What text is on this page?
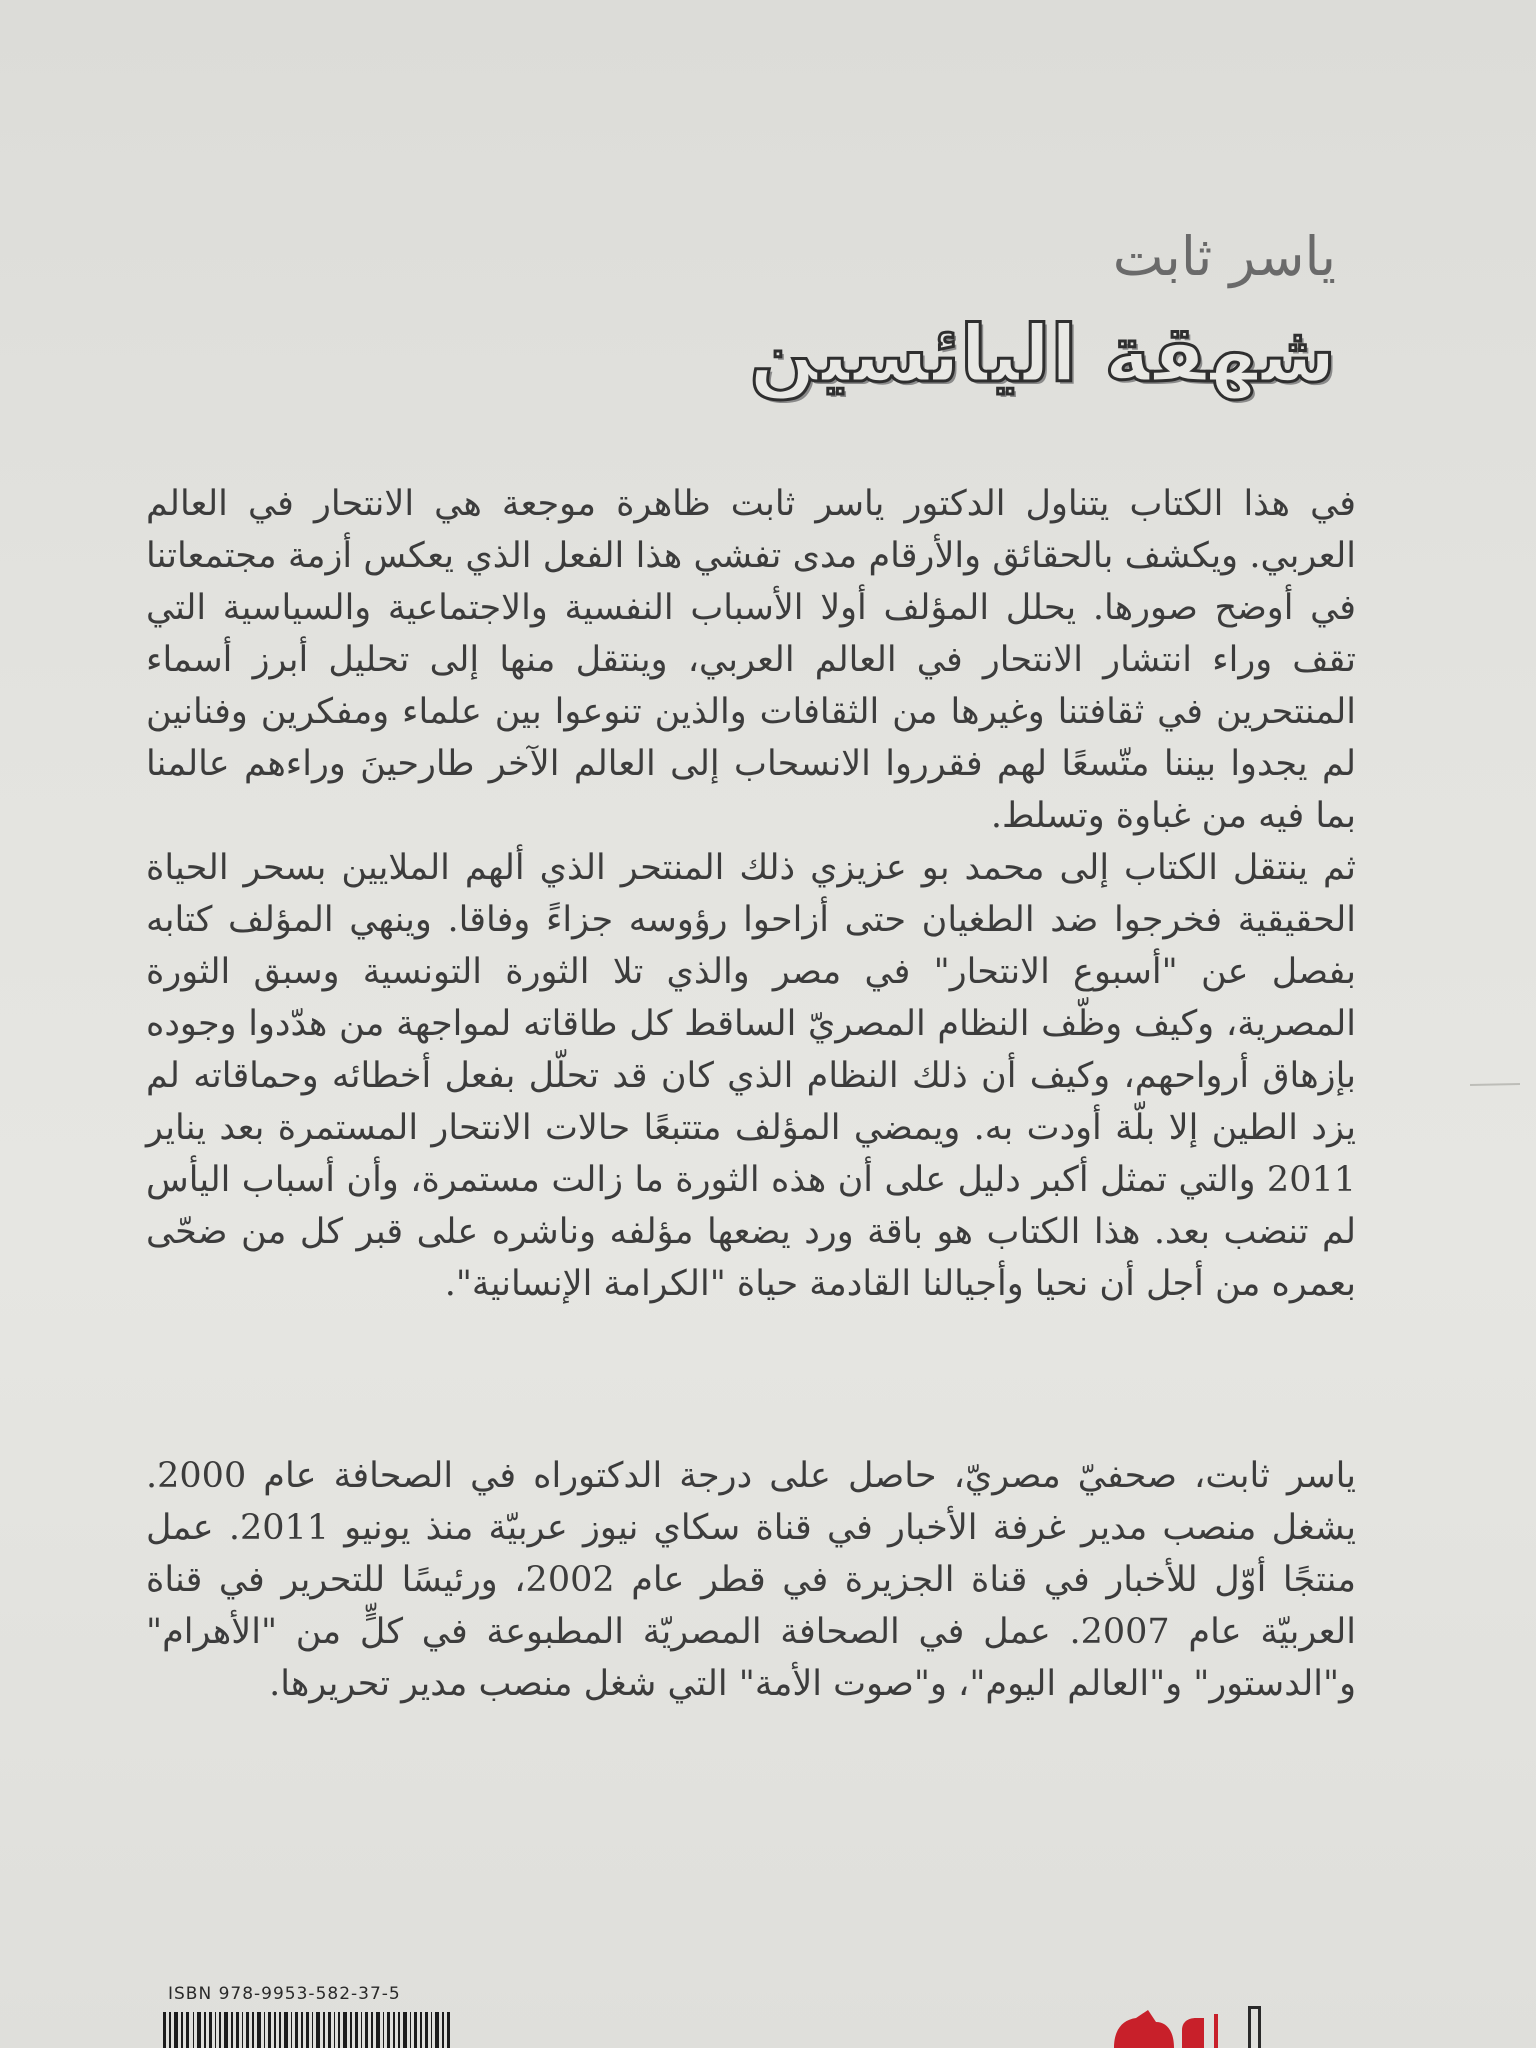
ياسر ثابت
شهقة اليائسين

في هذا الكتاب يتناول الدكتور ياسر ثابت ظاهرة موجعة هي الانتحار في العالم العربي. ويكشف بالحقائق والأرقام مدى تفشي هذا الفعل الذي يعكس أزمة مجتمعاتنا في أوضح صورها. يحلل المؤلف أولا الأسباب النفسية والاجتماعية والسياسية التي تقف وراء انتشار الانتحار في العالم العربي، وينتقل منها إلى تحليل أبرز أسماء المنتحرين في ثقافتنا وغيرها من الثقافات والذين تنوعوا بين علماء ومفكرين وفنانين لم يجدوا بيننا متّسعًا لهم فقرروا الانسحاب إلى العالم الآخر طارحينَ وراءهم عالمنا بما فيه من غباوة وتسلط.

ثم ينتقل الكتاب إلى محمد بو عزيزي ذلك المنتحر الذي ألهم الملايين بسحر الحياة الحقيقية فخرجوا ضد الطغيان حتى أزاحوا رؤوسه جزاءً وفاقا. وينهي المؤلف كتابه بفصل عن "أسبوع الانتحار" في مصر والذي تلا الثورة التونسية وسبق الثورة المصرية، وكيف وظّف النظام المصريّ الساقط كل طاقاته لمواجهة من هدّدوا وجوده بإزهاق أرواحهم، وكيف أن ذلك النظام الذي كان قد تحلّل بفعل أخطائه وحماقاته لم يزد الطين إلا بلّة أودت به. ويمضي المؤلف متتبعًا حالات الانتحار المستمرة بعد يناير 2011 والتي تمثل أكبر دليل على أن هذه الثورة ما زالت مستمرة، وأن أسباب اليأس لم تنضب بعد. هذا الكتاب هو باقة ورد يضعها مؤلفه وناشره على قبر كل من ضحّى بعمره من أجل أن نحيا وأجيالنا القادمة حياة "الكرامة الإنسانية".

ياسر ثابت، صحفيّ مصريّ، حاصل على درجة الدكتوراه في الصحافة عام 2000. يشغل منصب مدير غرفة الأخبار في قناة سكاي نيوز عربيّة منذ يونيو 2011. عمل منتجًا أوّل للأخبار في قناة الجزيرة في قطر عام 2002، ورئيسًا للتحرير في قناة العربيّة عام 2007. عمل في الصحافة المصريّة المطبوعة في كلٍّ من "الأهرام" و"الدستور" و"العالم اليوم"، و"صوت الأمة" التي شغل منصب مدير تحريرها.

ISBN 978-9953-582-37-5
